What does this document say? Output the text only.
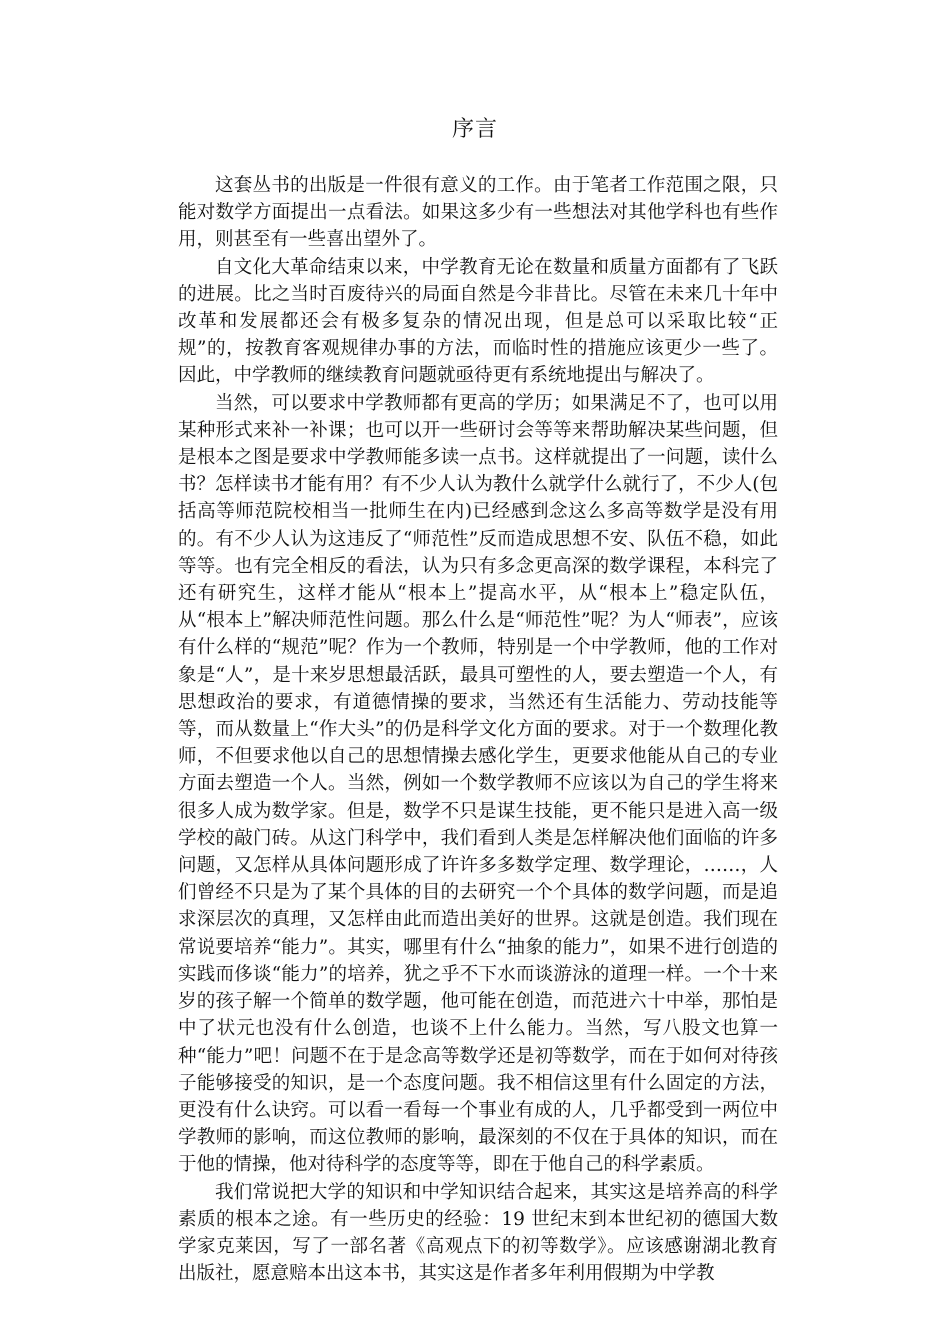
序言

这套丛书的出版是一件很有意义的工作。由于笔者工作范围之限，只能对数学方面提出一点看法。如果这多少有一些想法对其他学科也有些作用，则甚至有一些喜出望外了。

自文化大革命结束以来，中学教育无论在数量和质量方面都有了飞跃的进展。比之当时百废待兴的局面自然是今非昔比。尽管在未来几十年中改革和发展都还会有极多复杂的情况出现，但是总可以采取比较“正规”的，按教育客观规律办事的方法，而临时性的措施应该更少一些了。因此，中学教师的继续教育问题就亟待更有系统地提出与解决了。

当然，可以要求中学教师都有更高的学历；如果满足不了，也可以用某种形式来补一补课；也可以开一些研讨会等等来帮助解决某些问题，但是根本之图是要求中学教师能多读一点书。这样就提出了一问题，读什么书？怎样读书才能有用？有不少人认为教什么就学什么就行了，不少人(包括高等师范院校相当一批师生在内)已经感到念这么多高等数学是没有用的。有不少人认为这违反了“师范性”反而造成思想不安、队伍不稳，如此等等。也有完全相反的看法，认为只有多念更高深的数学课程，本科完了还有研究生，这样才能从“根本上”提高水平，从“根本上”稳定队伍，从“根本上”解决师范性问题。那么什么是“师范性”呢？为人“师表”，应该有什么样的“规范”呢？作为一个教师，特别是一个中学教师，他的工作对象是“人”，是十来岁思想最活跃，最具可塑性的人，要去塑造一个人，有思想政治的要求，有道德情操的要求，当然还有生活能力、劳动技能等等，而从数量上“作大头”的仍是科学文化方面的要求。对于一个数理化教师，不但要求他以自己的思想情操去感化学生，更要求他能从自己的专业方面去塑造一个人。当然，例如一个数学教师不应该以为自己的学生将来很多人成为数学家。但是，数学不只是谋生技能，更不能只是进入高一级学校的敲门砖。从这门科学中，我们看到人类是怎样解决他们面临的许多问题，又怎样从具体问题形成了许许多多数学定理、数学理论，……，人们曾经不只是为了某个具体的目的去研究一个个具体的数学问题，而是追求深层次的真理，又怎样由此而造出美好的世界。这就是创造。我们现在常说要培养“能力”。其实，哪里有什么“抽象的能力”，如果不进行创造的实践而侈谈“能力”的培养，犹之乎不下水而谈游泳的道理一样。一个十来岁的孩子解一个简单的数学题，他可能在创造，而范进六十中举，那怕是中了状元也没有什么创造，也谈不上什么能力。当然，写八股文也算一种“能力”吧！问题不在于是念高等数学还是初等数学，而在于如何对待孩子能够接受的知识，是一个态度问题。我不相信这里有什么固定的方法，更没有什么诀窍。可以看一看每一个事业有成的人，几乎都受到一两位中学教师的影响，而这位教师的影响，最深刻的不仅在于具体的知识，而在于他的情操，他对待科学的态度等等，即在于他自己的科学素质。

我们常说把大学的知识和中学知识结合起来，其实这是培养高的科学素质的根本之途。有一些历史的经验：19 世纪末到本世纪初的德国大数学家克莱因，写了一部名著《高观点下的初等数学》。应该感谢湖北教育出版社，愿意赔本出这本书，其实这是作者多年利用假期为中学教
